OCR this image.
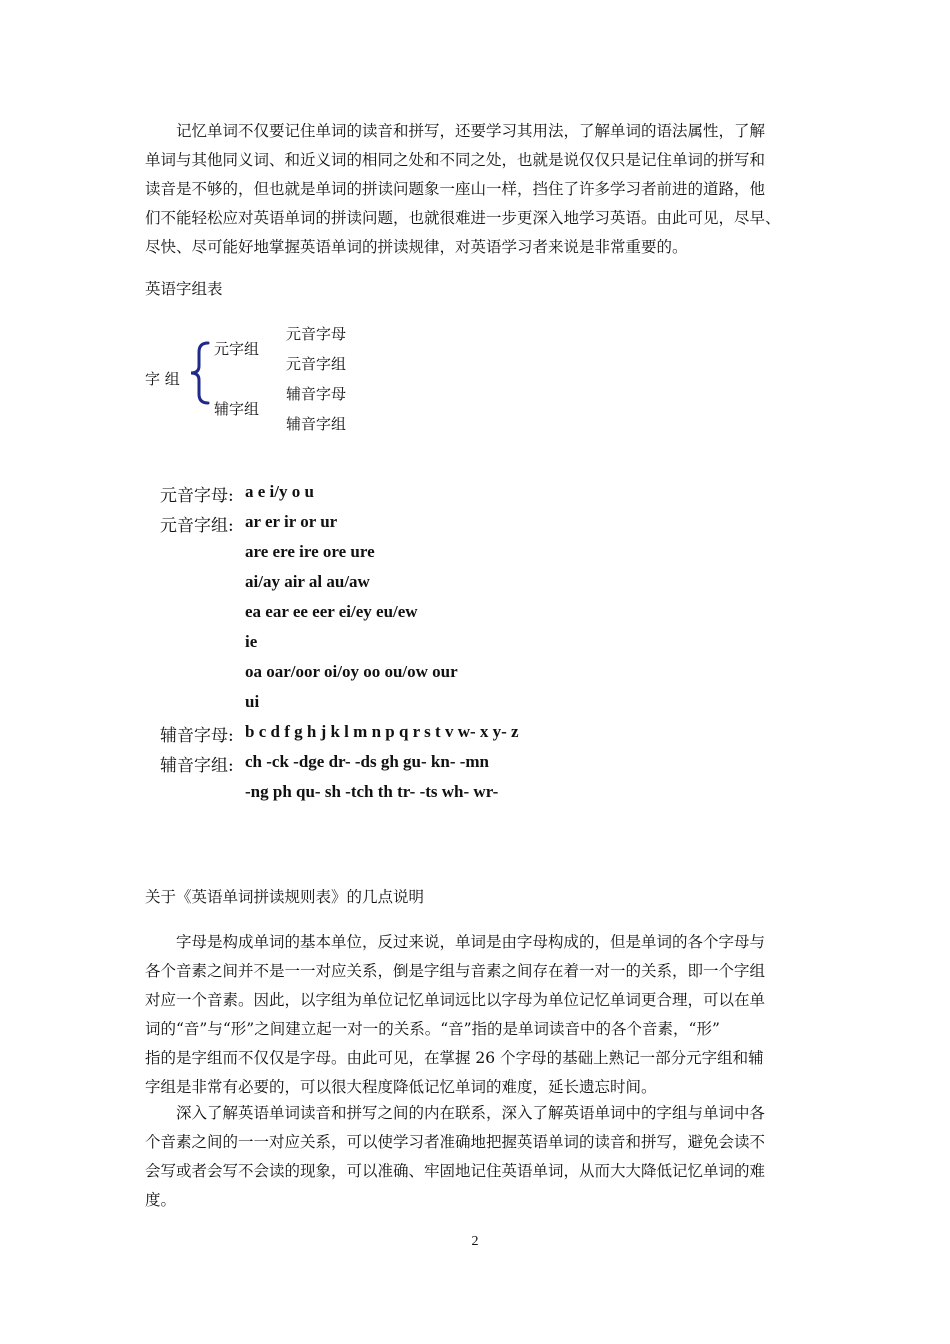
记忆单词不仅要记住单词的读音和拼写，还要学习其用法，了解单词的语法属性，了解
单词与其他同义词、和近义词的相同之处和不同之处，也就是说仅仅只是记住单词的拼写和
读音是不够的，但也就是单词的拼读问题象一座山一样，挡住了许多学习者前进的道路，他
们不能轻松应对英语单词的拼读问题，也就很难进一步更深入地学习英语。由此可见，尽早、
尽快、尽可能好地掌握英语单词的拼读规律，对英语学习者来说是非常重要的。
英语字组表
字 组
元字组
辅字组
元音字母
元音字组
辅音字母
辅音字组
元音字母: a e i/y o u
元音字组: ar er ir or ur
are ere ire ore ure
ai/ay air al au/aw
ea ear ee eer ei/ey eu/ew
ie
oa oar/oor oi/oy oo ou/ow our
ui
辅音字母: b c d f g h j k l m n p q r s t v w- x y- z
辅音字组: ch -ck -dge dr- -ds gh gu- kn- -mn
-ng ph qu- sh -tch th tr- -ts wh- wr-
关于《英语单词拼读规则表》的几点说明
字母是构成单词的基本单位，反过来说，单词是由字母构成的，但是单词的各个字母与
各个音素之间并不是一一对应关系，倒是字组与音素之间存在着一对一的关系，即一个字组
对应一个音素。因此，以字组为单位记忆单词远比以字母为单位记忆单词更合理，可以在单
词的“音”与“形”之间建立起一对一的关系。“音”指的是单词读音中的各个音素，“形”
指的是字组而不仅仅是字母。由此可见，在掌握 26 个字母的基础上熟记一部分元字组和辅
字组是非常有必要的，可以很大程度降低记忆单词的难度，延长遗忘时间。
深入了解英语单词读音和拼写之间的内在联系，深入了解英语单词中的字组与单词中各
个音素之间的一一对应关系，可以使学习者准确地把握英语单词的读音和拼写，避免会读不
会写或者会写不会读的现象，可以准确、牢固地记住英语单词，从而大大降低记忆单词的难
度。
2
